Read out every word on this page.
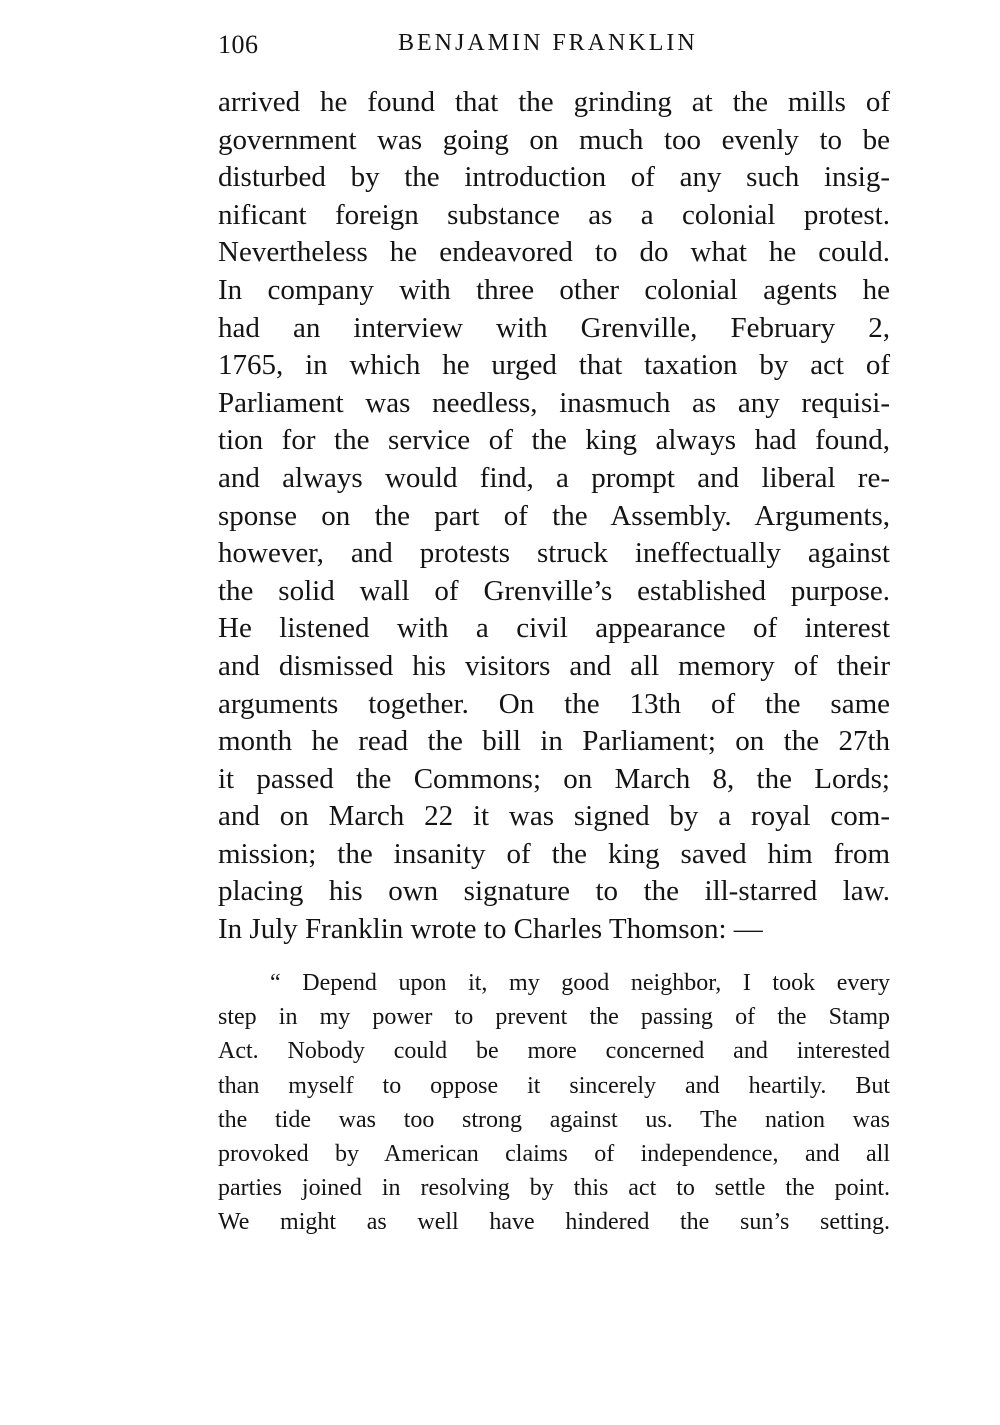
106	BENJAMIN FRANKLIN
arrived he found that the grinding at the mills of
government was going on much too evenly to be
disturbed by the introduction of any such insig-
nificant foreign substance as a colonial protest.
Nevertheless he endeavored to do what he could.
In company with three other colonial agents he
had an interview with Grenville, February 2,
1765, in which he urged that taxation by act of
Parliament was needless, inasmuch as any requisi-
tion for the service of the king always had found,
and always would find, a prompt and liberal re-
sponse on the part of the Assembly. Arguments,
however, and protests struck ineffectually against
the solid wall of Grenville’s established purpose.
He listened with a civil appearance of interest
and dismissed his visitors and all memory of their
arguments together. On the 13th of the same
month he read the bill in Parliament; on the 27th
it passed the Commons; on March 8, the Lords;
and on March 22 it was signed by a royal com-
mission; the insanity of the king saved him from
placing his own signature to the ill-starred law.
In July Franklin wrote to Charles Thomson: —
“ Depend upon it, my good neighbor, I took every
step in my power to prevent the passing of the Stamp
Act. Nobody could be more concerned and interested
than myself to oppose it sincerely and heartily. But
the tide was too strong against us. The nation was
provoked by American claims of independence, and all
parties joined in resolving by this act to settle the point.
We might as well have hindered the sun’s setting.
